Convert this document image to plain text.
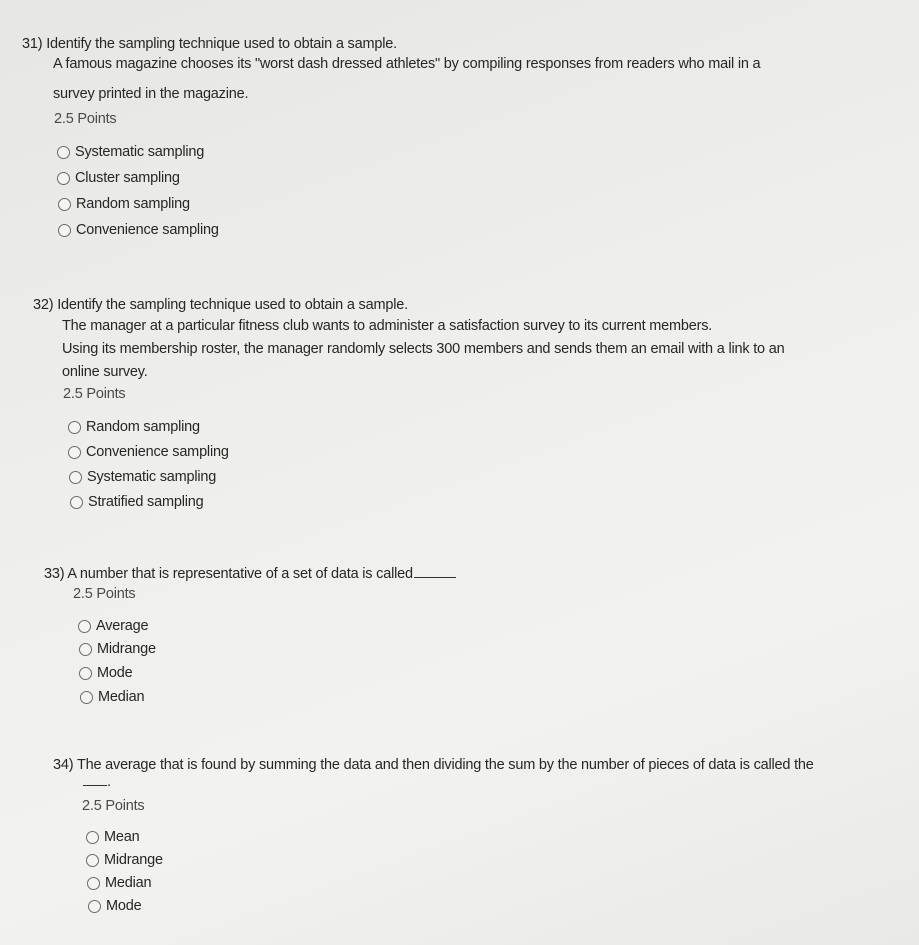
31) Identify the sampling technique used to obtain a sample.
A famous magazine chooses its "worst dash dressed athletes" by compiling responses from readers who mail in a
survey printed in the magazine.
2.5 Points
Systematic sampling
Cluster sampling
Random sampling
Convenience sampling
32) Identify the sampling technique used to obtain a sample.
The manager at a particular fitness club wants to administer a satisfaction survey to its current members.
Using its membership roster, the manager randomly selects 300 members and sends them an email with a link to an
online survey.
2.5 Points
Random sampling
Convenience sampling
Systematic sampling
Stratified sampling
33) A number that is representative of a set of data is called
2.5 Points
Average
Midrange
Mode
Median
34) The average that is found by summing the data and then dividing the sum by the number of pieces of data is called the
.
2.5 Points
Mean
Midrange
Median
Mode
